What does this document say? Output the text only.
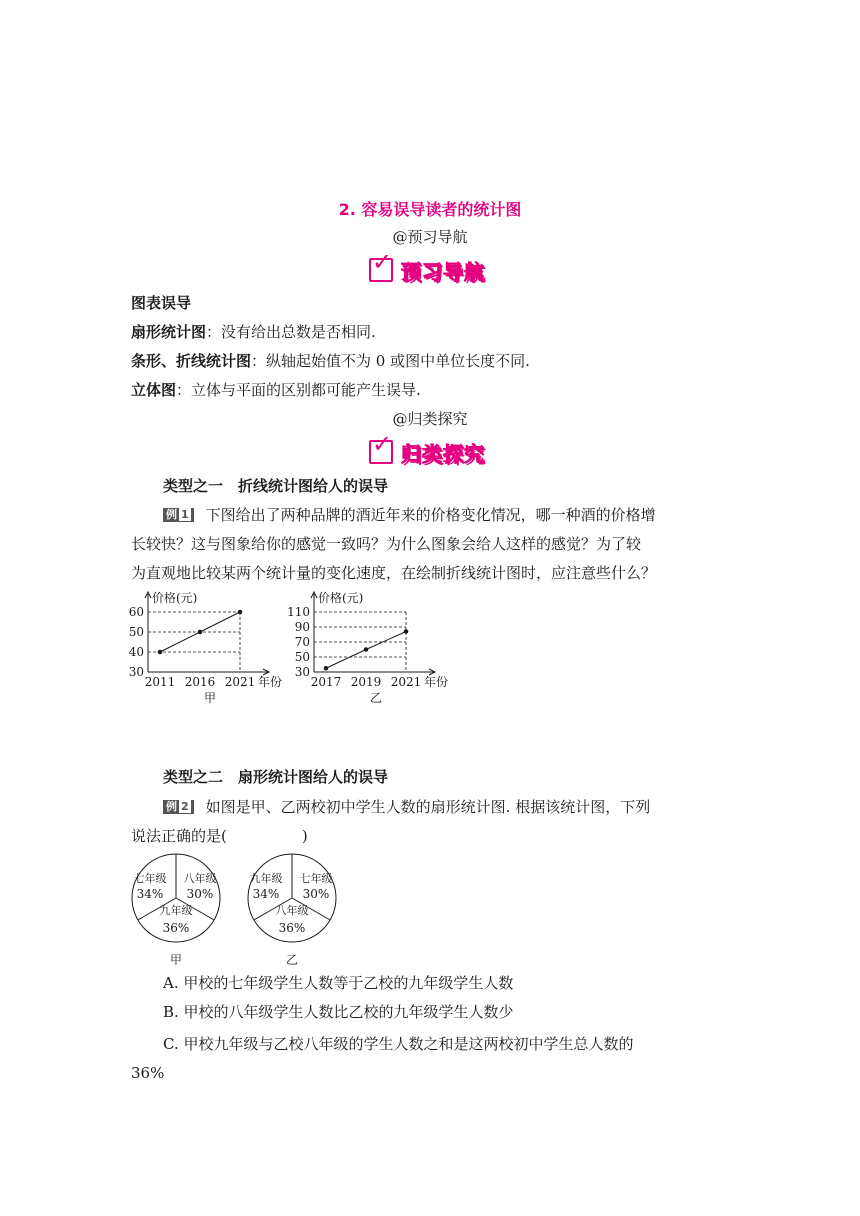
2. 容易误导读者的统计图
@预习导航
✓ 预习导航
图表误导
扇形统计图：没有给出总数是否相同.
条形、折线统计图：纵轴起始值不为 0 或图中单位长度不同.
立体图：立体与平面的区别都可能产生误导.
@归类探究
✓ 归类探究
类型之一　折线统计图给人的误导
例 1 下图给出了两种品牌的酒近年来的价格变化情况，哪一种酒的价格增
长较快？这与图象给你的感觉一致吗？为什么图象会给人这样的感觉？为了较
为直观地比较某两个统计量的变化速度，在绘制折线统计图时，应注意些什么？
30
40
50
60
2011 2016 2021 年份
价格(元)
甲
30
50
70
90
110
2017 2019 2021 年份
价格(元)
乙
类型之二　扇形统计图给人的误导
例 2 如图是甲、乙两校初中学生人数的扇形统计图. 根据该统计图，下列
说法正确的是(　　　　　)
七年级
34%
八年级
30%
九年级
36%
甲
九年级
34%
七年级
30%
八年级
36%
乙
A. 甲校的七年级学生人数等于乙校的九年级学生人数
B. 甲校的八年级学生人数比乙校的九年级学生人数少
C. 甲校九年级与乙校八年级的学生人数之和是这两校初中学生总人数的
36%
